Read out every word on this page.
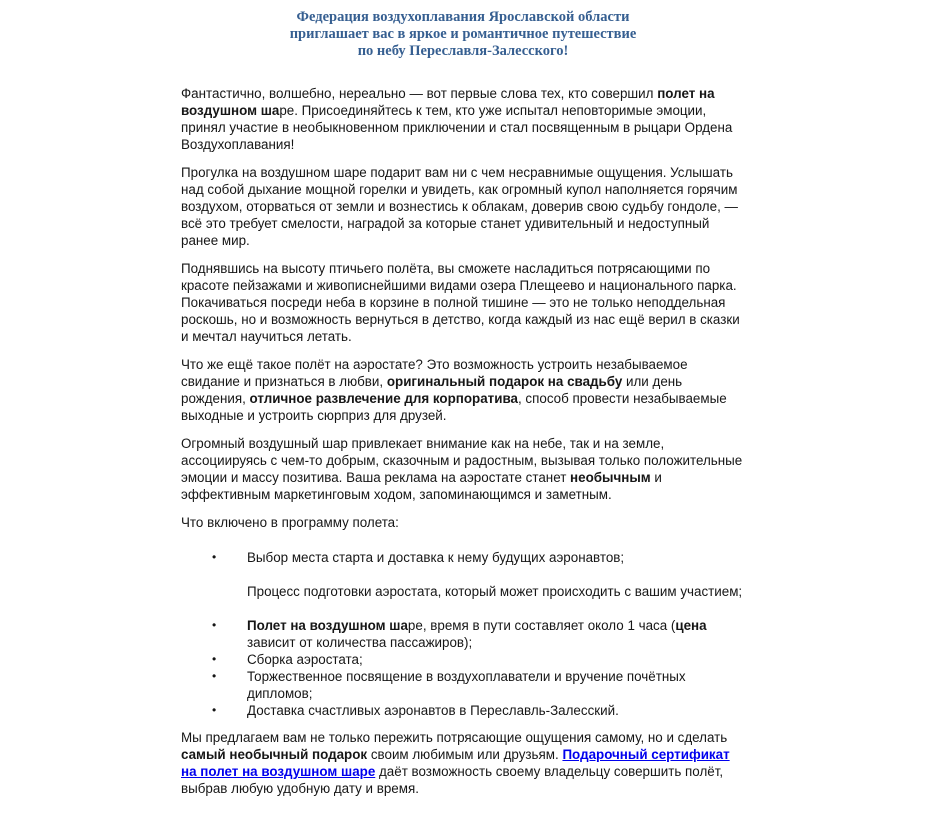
Федерация воздухоплавания Ярославской области
приглашает вас в яркое и романтичное путешествие
по небу Переславля-Залесского!

Фантастично, волшебно, нереально — вот первые слова тех, кто совершил полет на воздушном шаре. Присоединяйтесь к тем, кто уже испытал неповторимые эмоции, принял участие в необыкновенном приключении и стал посвященным в рыцари Ордена Воздухоплавания!

Прогулка на воздушном шаре подарит вам ни с чем несравнимые ощущения. Услышать над собой дыхание мощной горелки и увидеть, как огромный купол наполняется горячим воздухом, оторваться от земли и вознестись к облакам, доверив свою судьбу гондоле, — всё это требует смелости, наградой за которые станет удивительный и недоступный ранее мир.

Поднявшись на высоту птичьего полёта, вы сможете насладиться потрясающими по красоте пейзажами и живописнейшими видами озера Плещеево и национального парка. Покачиваться посреди неба в корзине в полной тишине — это не только неподдельная роскошь, но и возможность вернуться в детство, когда каждый из нас ещё верил в сказки и мечтал научиться летать.

Что же ещё такое полёт на аэростате? Это возможность устроить незабываемое свидание и признаться в любви, оригинальный подарок на свадьбу или день рождения, отличное развлечение для корпоратива, способ провести незабываемые выходные и устроить сюрприз для друзей.

Огромный воздушный шар привлекает внимание как на небе, так и на земле, ассоциируясь с чем-то добрым, сказочным и радостным, вызывая только положительные эмоции и массу позитива. Ваша реклама на аэростате станет необычным и эффективным маркетинговым ходом, запоминающимся и заметным.

Что включено в программу полета:

• Выбор места старта и доставка к нему будущих аэронавтов;
Процесс подготовки аэростата, который может происходить с вашим участием;
• Полет на воздушном шаре, время в пути составляет около 1 часа (цена зависит от количества пассажиров);
• Сборка аэростата;
• Торжественное посвящение в воздухоплаватели и вручение почётных дипломов;
• Доставка счастливых аэронавтов в Переславль-Залесский.

Мы предлагаем вам не только пережить потрясающие ощущения самому, но и сделать самый необычный подарок своим любимым или друзьям. Подарочный сертификат на полет на воздушном шаре даёт возможность своему владельцу совершить полёт, выбрав любую удобную дату и время.
